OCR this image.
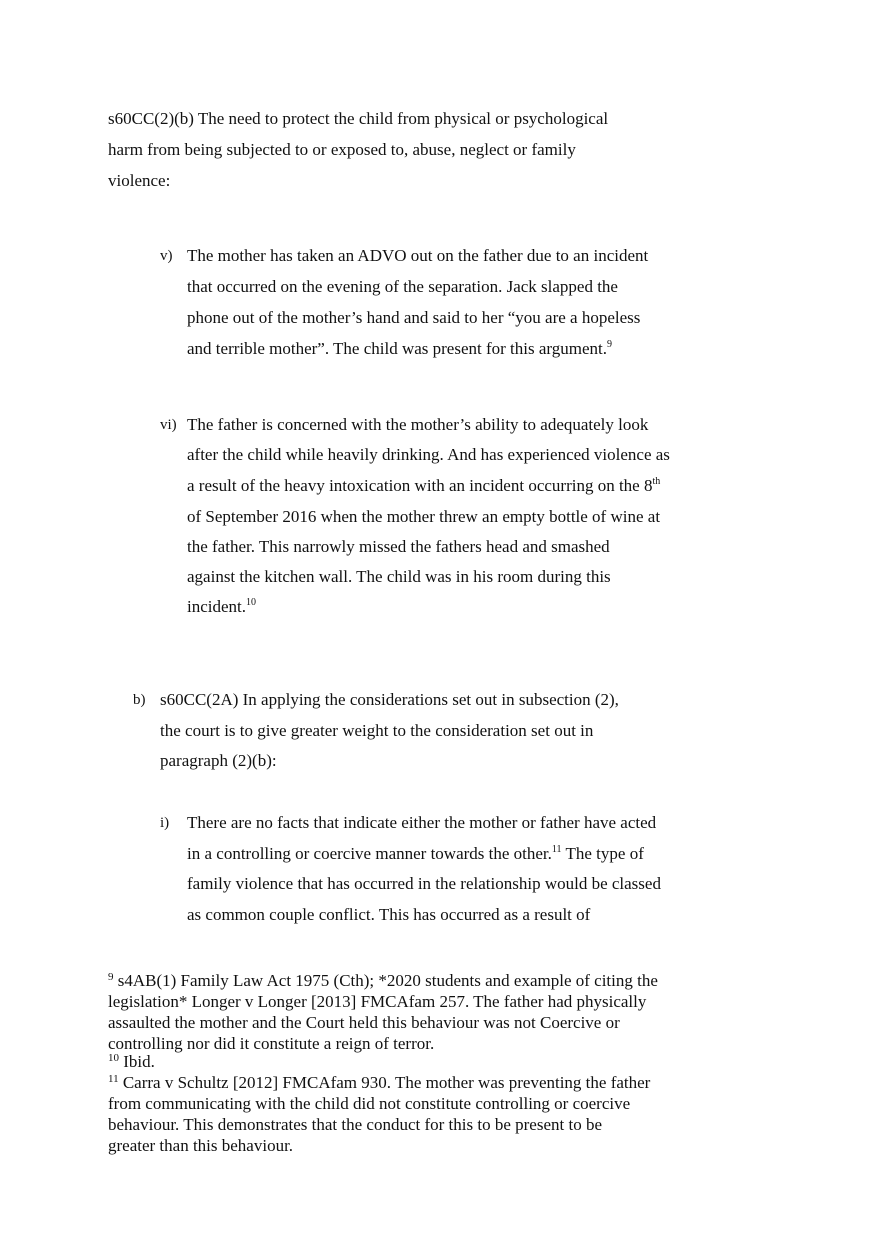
s60CC(2)(b) The need to protect the child from physical or psychological
harm from being subjected to or exposed to, abuse, neglect or family
violence:
v) The mother has taken an ADVO out on the father due to an incident
that occurred on the evening of the separation. Jack slapped the
phone out of the mother’s hand and said to her “you are a hopeless
and terrible mother”. The child was present for this argument.$^9$
vi) The father is concerned with the mother’s ability to adequately look
after the child while heavily drinking. And has experienced violence as
a result of the heavy intoxication with an incident occurring on the 8th
of September 2016 when the mother threw an empty bottle of wine at
the father. This narrowly missed the fathers head and smashed
against the kitchen wall. The child was in his room during this
incident.$^{10}$
b) s60CC(2A) In applying the considerations set out in subsection (2),
the court is to give greater weight to the consideration set out in
paragraph (2)(b):
i) There are no facts that indicate either the mother or father have acted
in a controlling or coercive manner towards the other.$^{11}$ The type of
family violence that has occurred in the relationship would be classed
as common couple conflict. This has occurred as a result of
$^9$ s4AB(1) Family Law Act 1975 (Cth); *2020 students and example of citing the
legislation* Longer v Longer [2013] FMCAfam 257. The father had physically
assaulted the mother and the Court held this behaviour was not Coercive or
controlling nor did it constitute a reign of terror.
$^{10}$ Ibid.
$^{11}$ Carra v Schultz [2012] FMCAfam 930. The mother was preventing the father
from communicating with the child did not constitute controlling or coercive
behaviour. This demonstrates that the conduct for this to be present to be
greater than this behaviour.
